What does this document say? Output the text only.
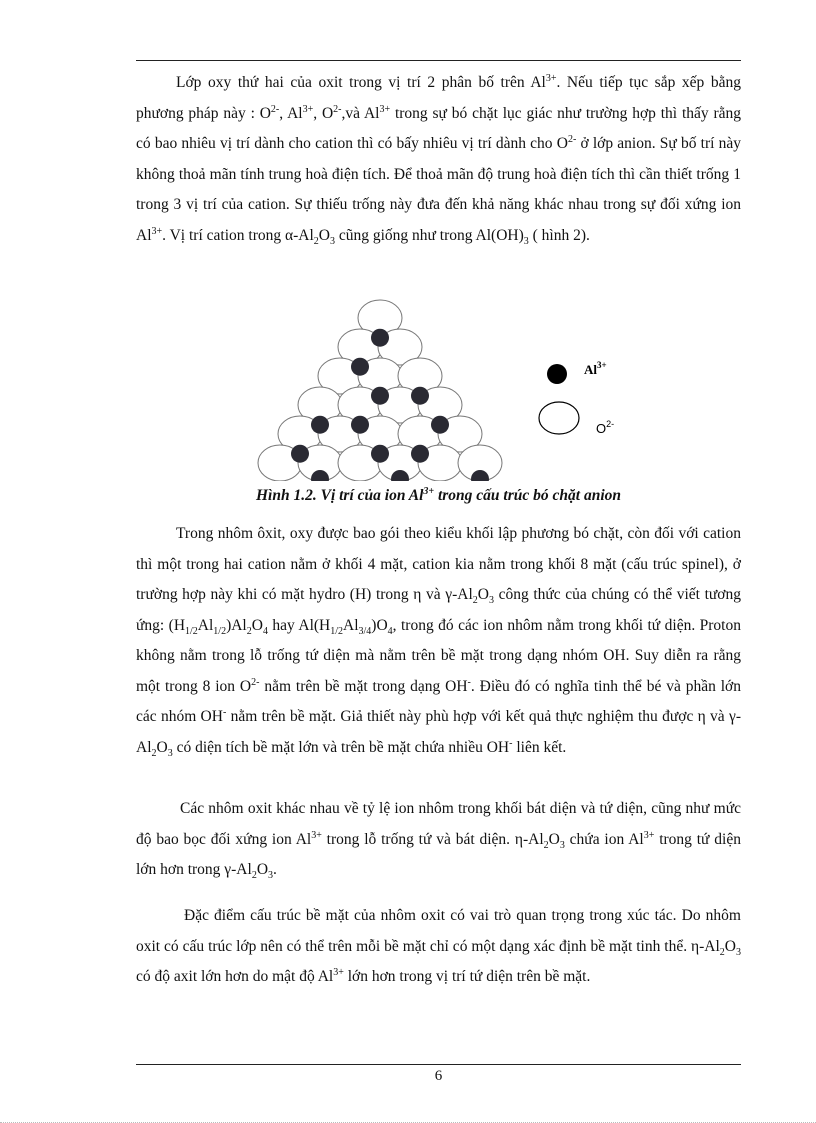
Lớp oxy thứ hai của oxit trong vị trí 2 phân bố trên $Al^{3+}$. Nếu tiếp tục sắp xếp bằng phương pháp này : $O^{2-}$, $Al^{3+}$, $O^{2-},và$ $Al^{3+}$ trong sự bó chặt lục giác như trường hợp thì thấy rằng có bao nhiêu vị trí dành cho cation thì có bấy nhiêu vị trí dành cho $O^{2-}$ ở lớp anion. Sự bố trí này không thoả mãn tính trung hoà điện tích. Để thoả mãn độ trung hoà điện tích thì cần thiết trống 1 trong 3 vị trí của cation. Sự thiếu trống này đưa đến khả năng khác nhau trong sự đối xứng ion $Al^{3+}$. Vị trí cation trong $\alpha-Al_2O_3$ cũng giống như trong $Al(OH)_3$ ( hình 2).

$Al^{3+}$
$O^{2-}$
Hình 1.2. Vị trí của ion $Al^{3+}$ trong cấu trúc bó chặt anion

Trong nhôm ôxit, oxy được bao gói theo kiểu khối lập phương bó chặt, còn đối với cation thì một trong hai cation nằm ở khối 4 mặt, cation kia nằm trong khối 8 mặt (cấu trúc spinel), ở trường hợp này khi có mặt hydro (H) trong η và $\gamma-Al_2O_3$ công thức của chúng có thể viết tương ứng: $(H_{1/2}Al_{1/2})Al_2O_4$ hay $Al(H_{1/2}Al_{3/4})O_4$, trong đó các ion nhôm nằm trong khối tứ diện. Proton không nằm trong lỗ trống tứ diện mà nằm trên bề mặt trong dạng nhóm OH. Suy diễn ra rằng một trong 8 ion $O^{2-}$ nằm trên bề mặt trong dạng OH-. Điều đó có nghĩa tinh thể bé và phần lớn các nhóm OH- nằm trên bề mặt. Giả thiết này phù hợp với kết quả thực nghiệm thu được η và $\gamma-Al_2O_3$ có diện tích bề mặt lớn và trên bề mặt chứa nhiều OH- liên kết.

Các nhôm oxit khác nhau về tỷ lệ ion nhôm trong khối bát diện và tứ diện, cũng như mức độ bao bọc đối xứng ion $Al^{3+}$ trong lỗ trống tứ và bát diện. $\eta-Al_2O_3$ chứa ion $Al^{3+}$ trong tứ diện lớn hơn trong $\gamma-Al_2O_3$.

Đặc điểm cấu trúc bề mặt của nhôm oxit có vai trò quan trọng trong xúc tác. Do nhôm oxit có cấu trúc lớp nên có thể trên mỗi bề mặt chỉ có một dạng xác định bề mặt tinh thể. $\eta-Al_2O_3$ có độ axit lớn hơn do mật độ $Al^{3+}$ lớn hơn trong vị trí tứ diện trên bề mặt.

6
